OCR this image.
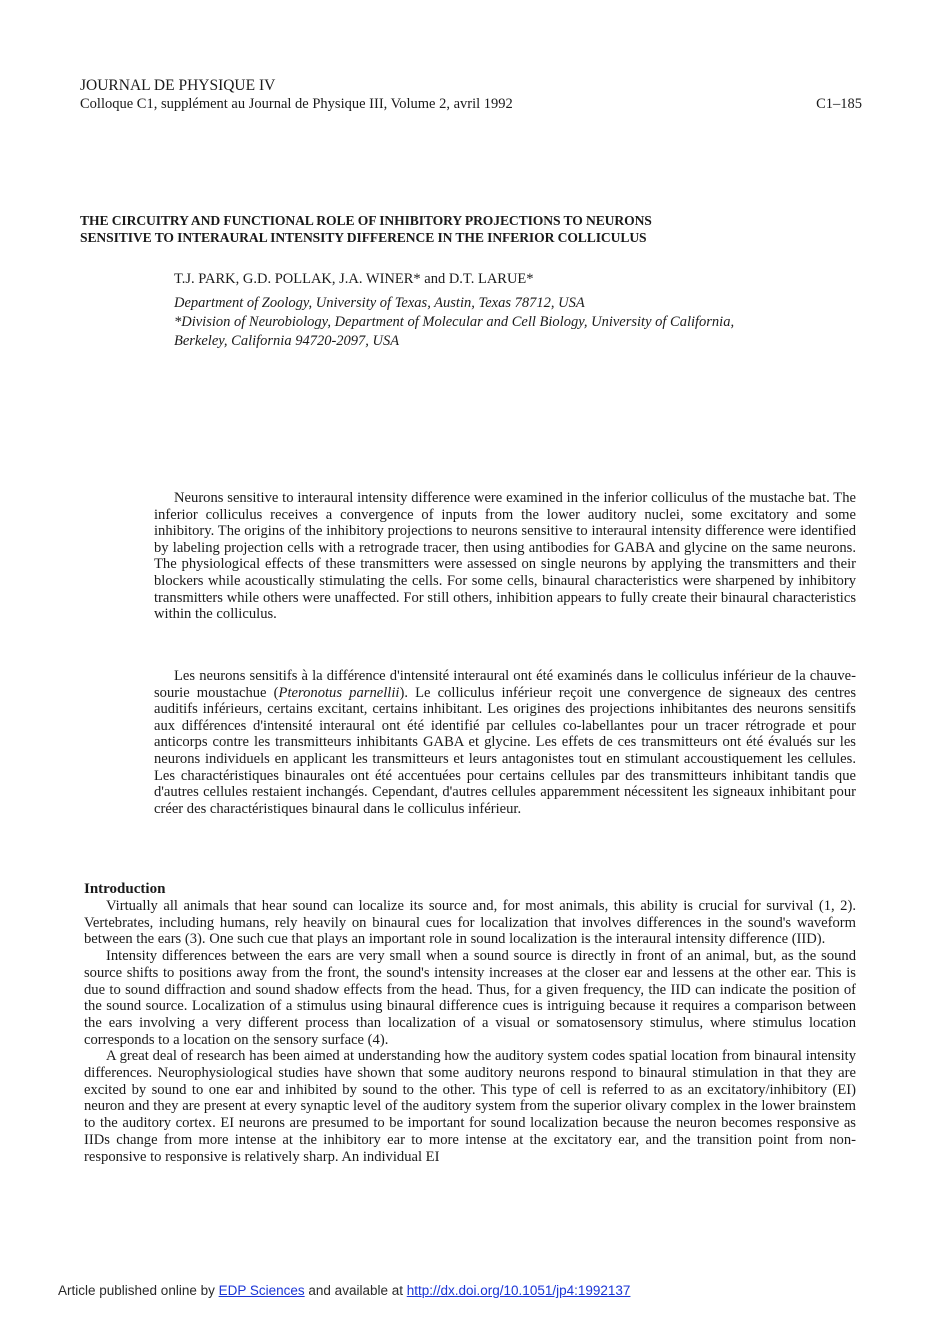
JOURNAL DE PHYSIQUE IV
Colloque C1, supplément au Journal de Physique III, Volume 2, avril 1992	C1–185
THE CIRCUITRY AND FUNCTIONAL ROLE OF INHIBITORY PROJECTIONS TO NEURONS
SENSITIVE TO INTERAURAL INTENSITY DIFFERENCE IN THE INFERIOR COLLICULUS
T.J. PARK, G.D. POLLAK, J.A. WINER* and D.T. LARUE*
Department of Zoology, University of Texas, Austin, Texas 78712, USA
*Division of Neurobiology, Department of Molecular and Cell Biology, University of California,
Berkeley, California 94720-2097, USA

Neurons sensitive to interaural intensity difference were examined in the inferior colliculus of the mustache bat. The inferior colliculus receives a convergence of inputs from the lower auditory nuclei, some excitatory and some inhibitory. The origins of the inhibitory projections to neurons sensitive to interaural intensity difference were identified by labeling projection cells with a retrograde tracer, then using antibodies for GABA and glycine on the same neurons. The physiological effects of these transmitters were assessed on single neurons by applying the transmitters and their blockers while acoustically stimulating the cells. For some cells, binaural characteristics were sharpened by inhibitory transmitters while others were unaffected. For still others, inhibition appears to fully create their binaural characteristics within the colliculus.

Les neurons sensitifs à la différence d'intensité interaural ont été examinés dans le colliculus inférieur de la chauve-sourie moustachue (Pteronotus parnellii). Le colliculus inférieur reçoit une convergence de signeaux des centres auditifs inférieurs, certains excitant, certains inhibitant. Les origines des projections inhibitantes des neurons sensitifs aux différences d'intensité interaural ont été identifié par cellules co-labellantes pour un tracer rétrograde et pour anticorps contre les transmitteurs inhibitants GABA et glycine. Les effets de ces transmitteurs ont été évalués sur les neurons individuels en applicant les transmitteurs et leurs antagonistes tout en stimulant accoustiquement les cellules. Les charactéristiques binaurales ont été accentuées pour certains cellules par des transmitteurs inhibitant tandis que d'autres cellules restaient inchangés. Cependant, d'autres cellules apparemment nécessitent les signeaux inhibitant pour créer des charactéristiques binaural dans le colliculus inférieur.

Introduction

Virtually all animals that hear sound can localize its source and, for most animals, this ability is crucial for survival (1, 2). Vertebrates, including humans, rely heavily on binaural cues for localization that involves differences in the sound's waveform between the ears (3). One such cue that plays an important role in sound localization is the interaural intensity difference (IID).

Intensity differences between the ears are very small when a sound source is directly in front of an animal, but, as the sound source shifts to positions away from the front, the sound's intensity increases at the closer ear and lessens at the other ear. This is due to sound diffraction and sound shadow effects from the head. Thus, for a given frequency, the IID can indicate the position of the sound source. Localization of a stimulus using binaural difference cues is intriguing because it requires a comparison between the ears involving a very different process than localization of a visual or somatosensory stimulus, where stimulus location corresponds to a location on the sensory surface (4).

A great deal of research has been aimed at understanding how the auditory system codes spatial location from binaural intensity differences. Neurophysiological studies have shown that some auditory neurons respond to binaural stimulation in that they are excited by sound to one ear and inhibited by sound to the other. This type of cell is referred to as an excitatory/inhibitory (EI) neuron and they are present at every synaptic level of the auditory system from the superior olivary complex in the lower brainstem to the auditory cortex. EI neurons are presumed to be important for sound localization because the neuron becomes responsive as IIDs change from more intense at the inhibitory ear to more intense at the excitatory ear, and the transition point from non-responsive to responsive is relatively sharp. An individual EI

Article published online by EDP Sciences and available at http://dx.doi.org/10.1051/jp4:1992137
